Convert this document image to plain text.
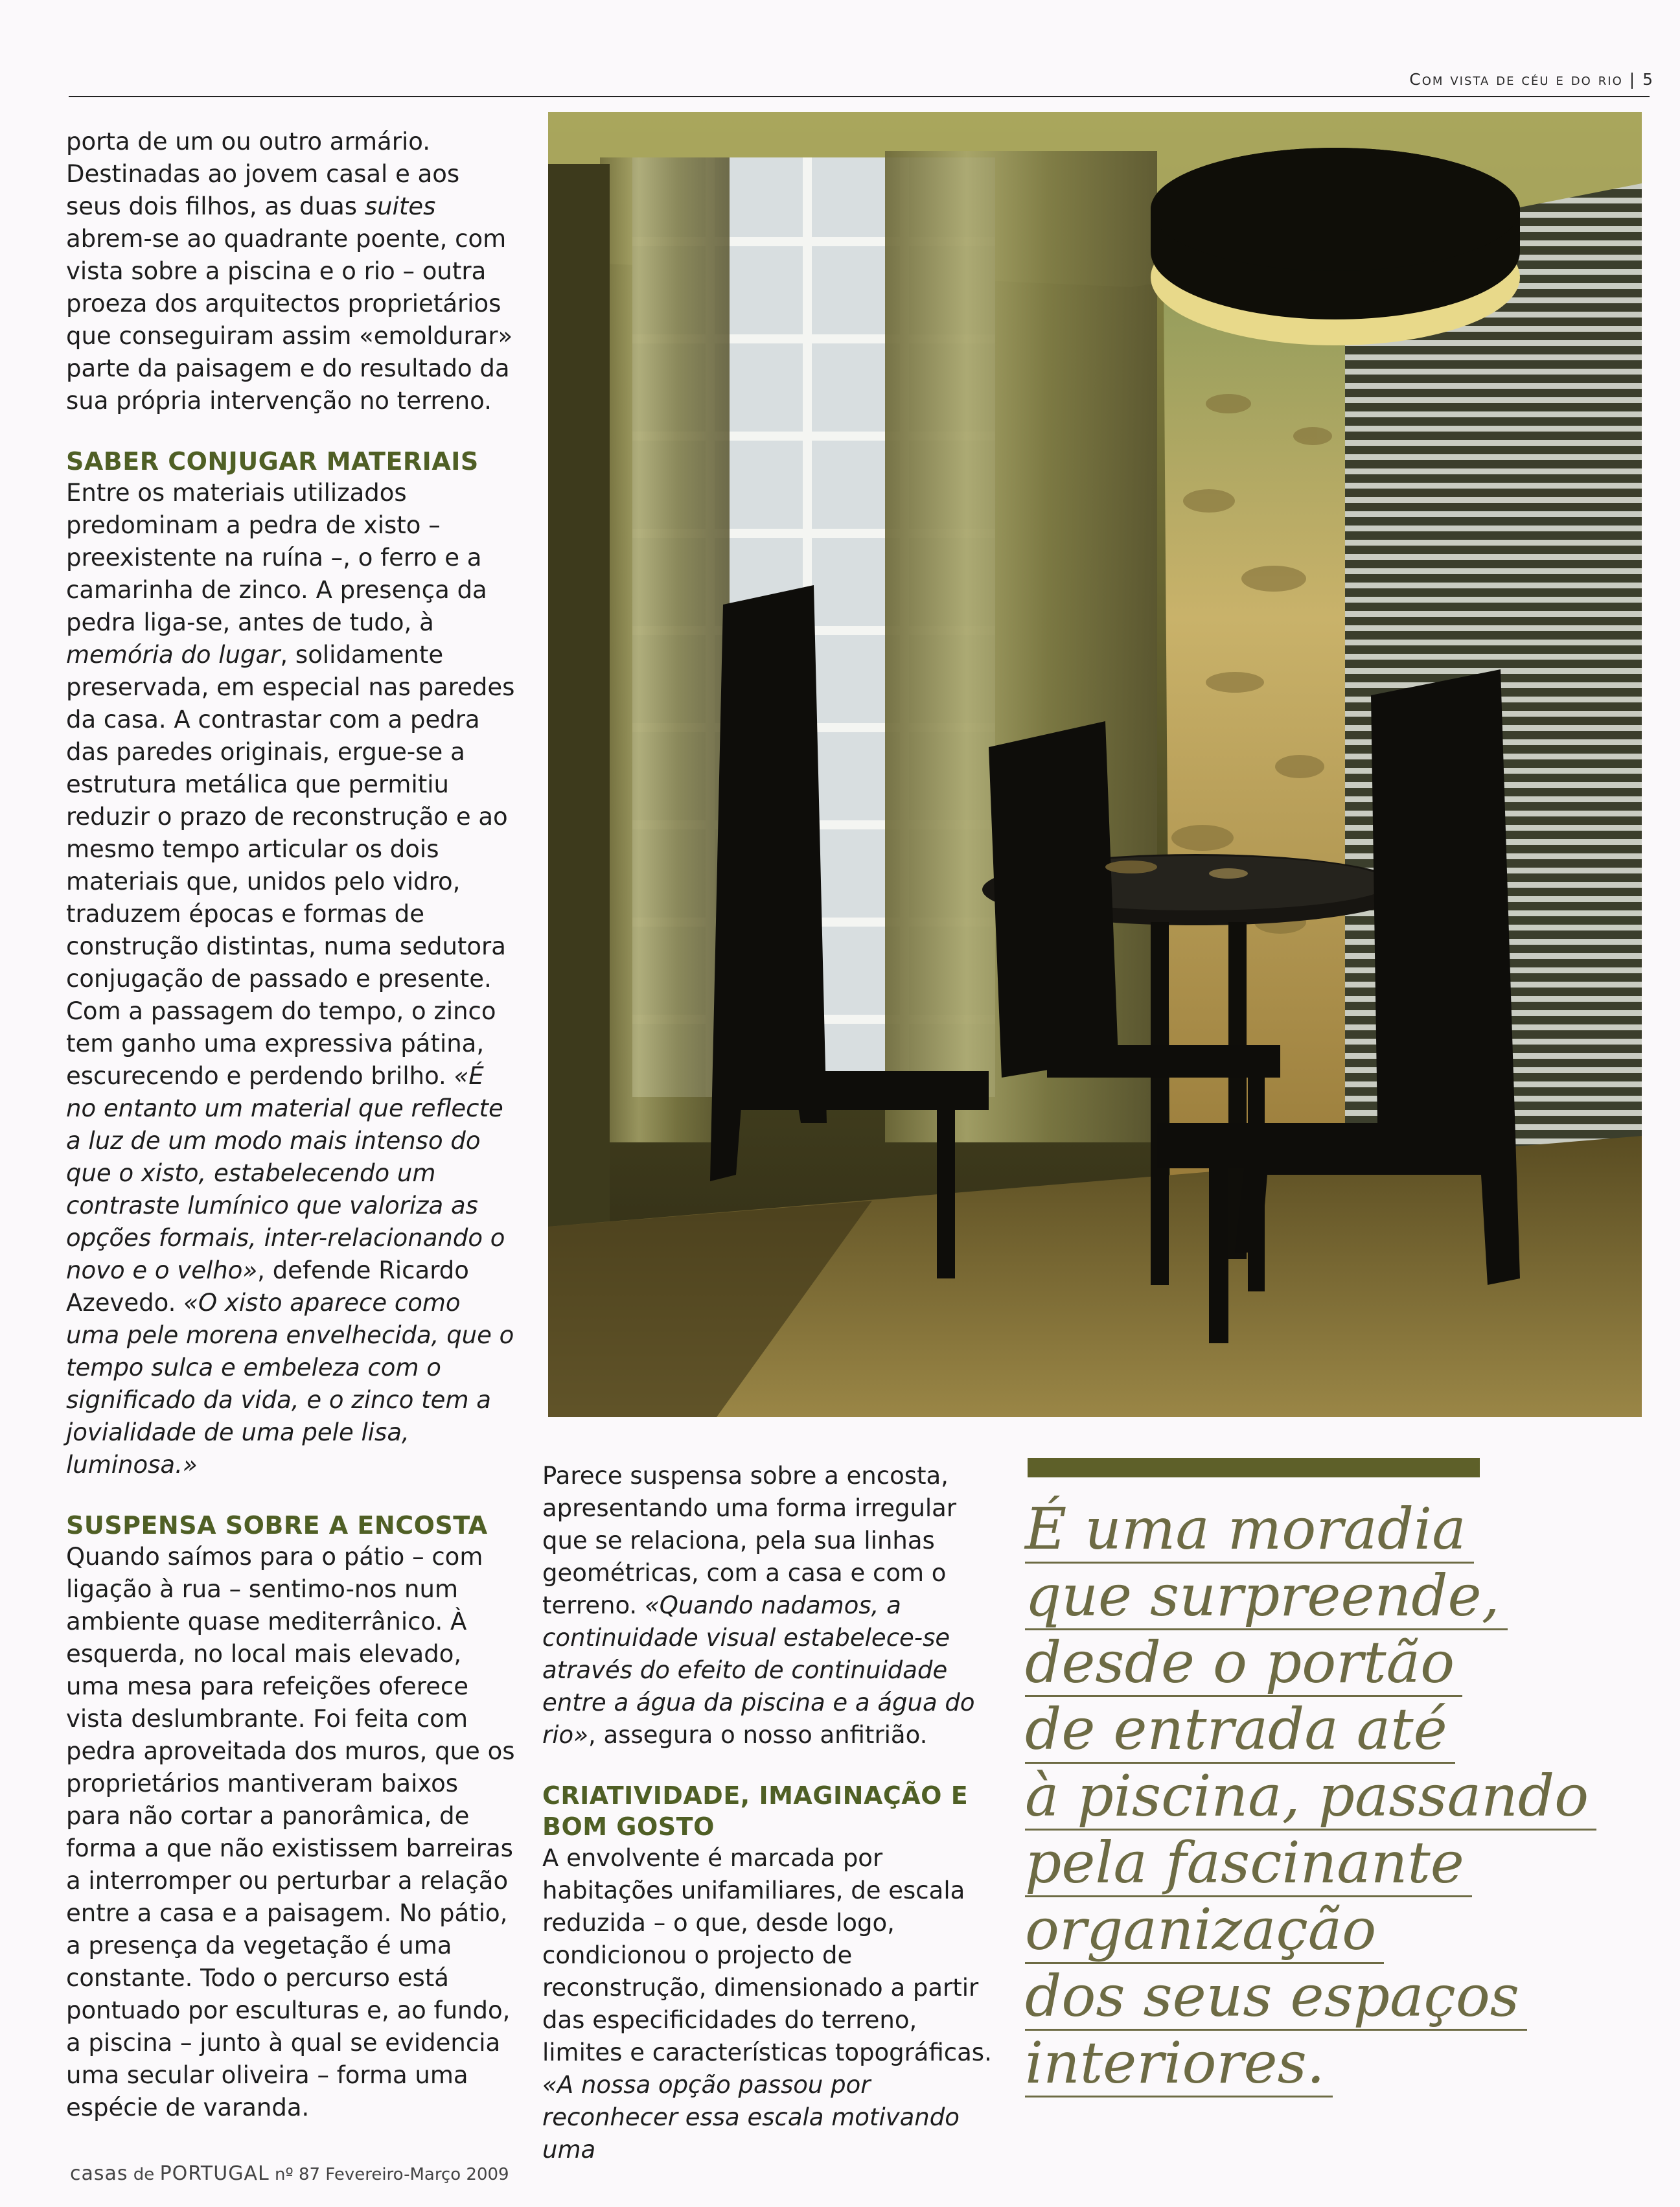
Com vista de céu e do rio | 5

porta de um ou outro armário. Destinadas ao jovem casal e aos seus dois filhos, as duas suites abrem-se ao quadrante poente, com vista sobre a piscina e o rio – outra proeza dos arquitectos proprietários que conseguiram assim «emoldurar» parte da paisagem e do resultado da sua própria intervenção no terreno.

SABER CONJUGAR MATERIAIS

Entre os materiais utilizados predominam a pedra de xisto – preexistente na ruína –, o ferro e a camarinha de zinco. A presença da pedra liga-se, antes de tudo, à memória do lugar, solidamente preservada, em especial nas paredes da casa. A contrastar com a pedra das paredes originais, ergue-se a estrutura metálica que permitiu reduzir o prazo de reconstrução e ao mesmo tempo articular os dois materiais que, unidos pelo vidro, traduzem épocas e formas de construção distintas, numa sedutora conjugação de passado e presente. Com a passagem do tempo, o zinco tem ganho uma expressiva pátina, escurecendo e perdendo brilho. «É no entanto um material que reflecte a luz de um modo mais intenso do que o xisto, estabelecendo um contraste lumínico que valoriza as opções formais, inter-relacionando o novo e o velho», defende Ricardo Azevedo. «O xisto aparece como uma pele morena envelhecida, que o tempo sulca e embeleza com o significado da vida, e o zinco tem a jovialidade de uma pele lisa, luminosa.»

SUSPENSA SOBRE A ENCOSTA

Quando saímos para o pátio – com ligação à rua – sentimo-nos num ambiente quase mediterrânico. À esquerda, no local mais elevado, uma mesa para refeições oferece vista deslumbrante. Foi feita com pedra aproveitada dos muros, que os proprietários mantiveram baixos para não cortar a panorâmica, de forma a que não existissem barreiras a interromper ou perturbar a relação entre a casa e a paisagem. No pátio, a presença da vegetação é uma constante. Todo o percurso está pontuado por esculturas e, ao fundo, a piscina – junto à qual se evidencia uma secular oliveira – forma uma espécie de varanda.

Parece suspensa sobre a encosta, apresentando uma forma irregular que se relaciona, pela sua linhas geométricas, com a casa e com o terreno. «Quando nadamos, a continuidade visual estabelece-se através do efeito de continuidade entre a água da piscina e a água do rio», assegura o nosso anfitrião.

CRIATIVIDADE, IMAGINAÇÃO E BOM GOSTO

A envolvente é marcada por habitações unifamiliares, de escala reduzida – o que, desde logo, condicionou o projecto de reconstrução, dimensionado a partir das especificidades do terreno, limites e características topográficas. «A nossa opção passou por reconhecer essa escala motivando uma

É uma moradia
que surpreende,
desde o portão
de entrada até
à piscina, passando
pela fascinante
organização
dos seus espaços
interiores.
casas de PORTUGAL nº 87 Fevereiro-Março 2009
